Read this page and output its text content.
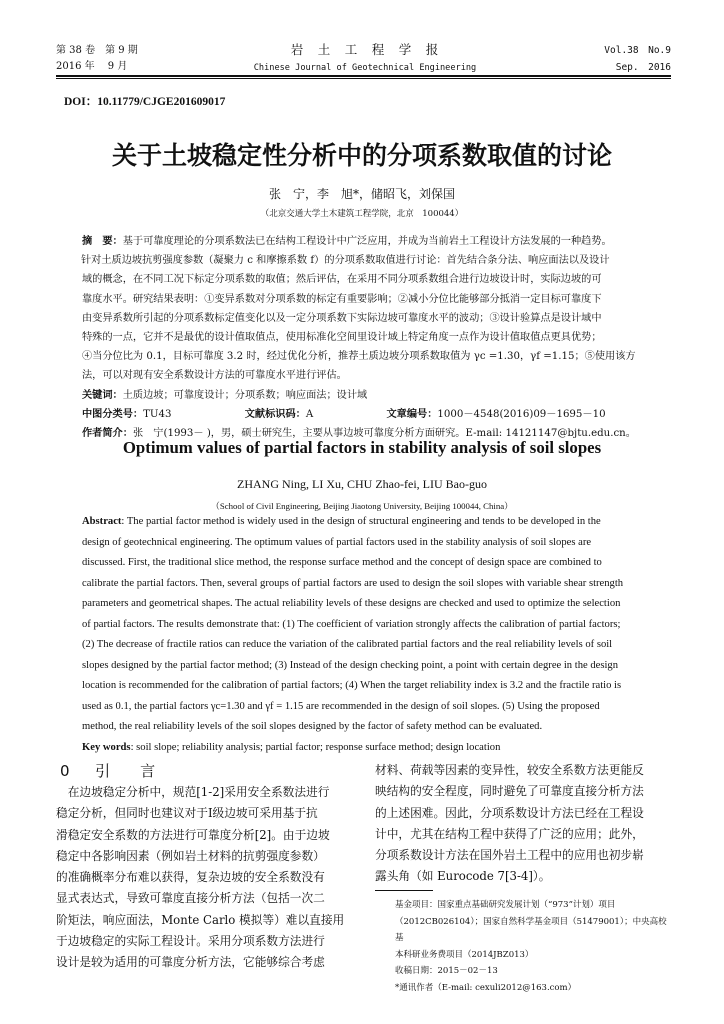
第 38 卷　第 9 期
2016 年　 9 月
岩　土　工　程　学　报
Chinese Journal of Geotechnical Engineering
Vol.38　No.9
Sep.　2016
DOI：10.11779/CJGE201609017
关于土坡稳定性分析中的分项系数取值的讨论
张　宁，李　旭*，储昭飞，刘保国
（北京交通大学土木建筑工程学院，北京　100044）
摘　要：基于可靠度理论的分项系数法已在结构工程设计中广泛应用，并成为当前岩土工程设计方法发展的一种趋势。
针对土质边坡抗剪强度参数（凝聚力 c 和摩擦系数 f）的分项系数取值进行讨论：首先结合条分法、响应面法以及设计
域的概念，在不同工况下标定分项系数的取值；然后评估，在采用不同分项系数组合进行边坡设计时，实际边坡的可
靠度水平。研究结果表明：①变异系数对分项系数的标定有重要影响；②减小分位比能够部分抵消一定目标可靠度下
由变异系数所引起的分项系数标定值变化以及一定分项系数下实际边坡可靠度水平的波动；③设计验算点是设计域中
特殊的一点，它并不是最优的设计值取值点，使用标准化空间里设计域上特定角度一点作为设计值取值点更具优势；
④当分位比为 0.1，目标可靠度 3.2 时，经过优化分析，推荐土质边坡分项系数取值为 γc =1.30，γf =1.15；⑤使用该方
法，可以对现有安全系数设计方法的可靠度水平进行评估。
关键词：土质边坡；可靠度设计；分项系数；响应面法；设计域
中图分类号：TU43	文献标识码：A	文章编号：1000－4548(2016)09－1695－10
作者简介：张　宁(1993－ )，男，硕士研究生，主要从事边坡可靠度分析方面研究。E-mail: 14121147@bjtu.edu.cn。
Optimum values of partial factors in stability analysis of soil slopes
ZHANG Ning, LI Xu, CHU Zhao-fei, LIU Bao-guo
（School of Civil Engineering, Beijing Jiaotong University, Beijing 100044, China）
Abstract: The partial factor method is widely used in the design of structural engineering and tends to be developed in the
design of geotechnical engineering. The optimum values of partial factors used in the stability analysis of soil slopes are
discussed. First, the traditional slice method, the response surface method and the concept of design space are combined to
calibrate the partial factors. Then, several groups of partial factors are used to design the soil slopes with variable shear strength
parameters and geometrical shapes. The actual reliability levels of these designs are checked and used to optimize the selection
of partial factors. The results demonstrate that: (1) The coefficient of variation strongly affects the calibration of partial factors;
(2) The decrease of fractile ratios can reduce the variation of the calibrated partial factors and the real reliability levels of soil
slopes designed by the partial factor method; (3) Instead of the design checking point, a point with certain degree in the design
location is recommended for the calibration of partial factors; (4) When the target reliability index is 3.2 and the fractile ratio is
used as 0.1, the partial factors γc=1.30 and γf = 1.15 are recommended in the design of soil slopes. (5) Using the proposed
method, the real reliability levels of the soil slopes designed by the factor of safety method can be evaluated.
Key words: soil slope; reliability analysis; partial factor; response surface method; design location
0 引　　言
　在边坡稳定分析中，规范[1-2]采用安全系数法进行
稳定分析，但同时也建议对于Ⅰ级边坡可采用基于抗
滑稳定安全系数的方法进行可靠度分析[2]。由于边坡
稳定中各影响因素（例如岩土材料的抗剪强度参数）
的准确概率分布难以获得，复杂边坡的安全系数没有
显式表达式，导致可靠度直接分析方法（包括一次二
阶矩法，响应面法，Monte Carlo 模拟等）难以直接用
于边坡稳定的实际工程设计。采用分项系数方法进行
设计是较为适用的可靠度分析方法，它能够综合考虑
材料、荷载等因素的变异性，较安全系数方法更能反
映结构的安全程度，同时避免了可靠度直接分析方法
的上述困难。因此，分项系数设计方法已经在工程设
计中，尤其在结构工程中获得了广泛的应用；此外，
分项系数设计方法在国外岩土工程中的应用也初步崭
露头角（如 Eurocode 7[3-4]）。
基金项目：国家重点基础研究发展计划（“973”计划）项目
（2012CB026104）；国家自然科学基金项目（51479001）；中央高校基
本科研业务费项目（2014JBZ013）
收稿日期：2015－02－13
*通讯作者（E-mail: cexuli2012@163.com）
